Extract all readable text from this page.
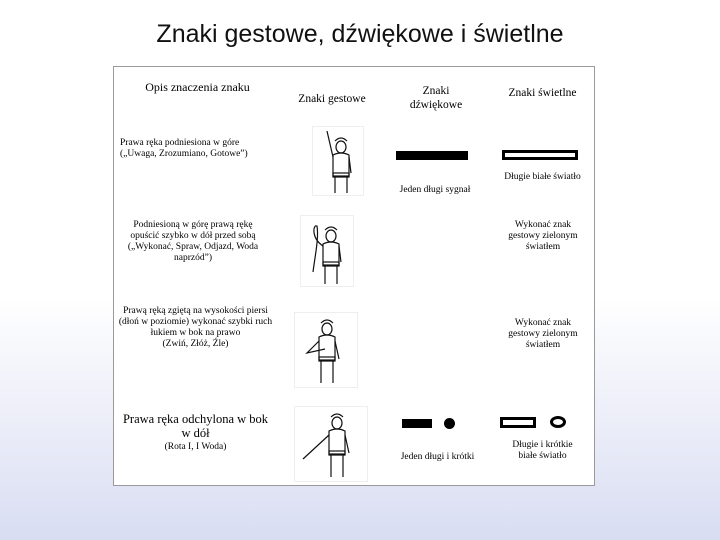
Znaki gestowe, dźwiękowe i świetlne
Opis znaczenia znaku
Znaki gestowe
Znaki dźwiękowe
Znaki świetlne
Prawa ręka podniesiona w góre
(„Uwaga, Zrozumiano, Gotowe”)
Jeden długi sygnał
Długie białe światło
Podniesioną w górę prawą rękę opuścić szybko w dół przed sobą („Wykonać, Spraw, Odjazd, Woda naprzód”)
Wykonać znak gestowy zielonym światłem
Prawą ręką zgiętą na wysokości piersi (dłoń w poziomie) wykonać szybki ruch łukiem w bok na prawo
(Zwiń, Złóż, Źle)
Wykonać znak gestowy zielonym światłem
Prawa ręka odchylona w bok w dół
(Rota I, I Woda)
Jeden długi i krótki
Długie i krótkie białe światło
